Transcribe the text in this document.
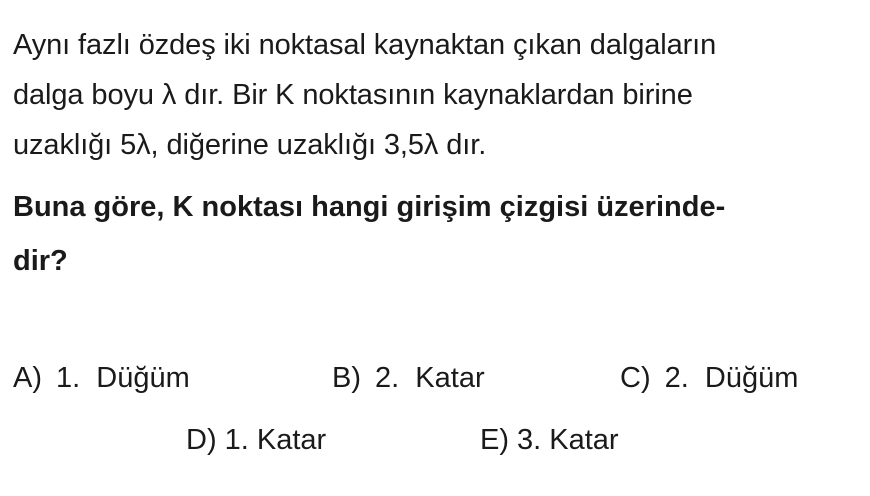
Aynı fazlı özdeş iki noktasal kaynaktan çıkan dalgaların
dalga boyu λ dır. Bir K noktasının kaynaklardan birine
uzaklığı 5λ, diğerine uzaklığı 3,5λ dır.
Buna göre, K noktası hangi girişim çizgisi üzerinde-
dir?
A) 1.  Düğüm	B) 2.  Katar	C) 2.  Düğüm
D) 1. Katar	E) 3. Katar
